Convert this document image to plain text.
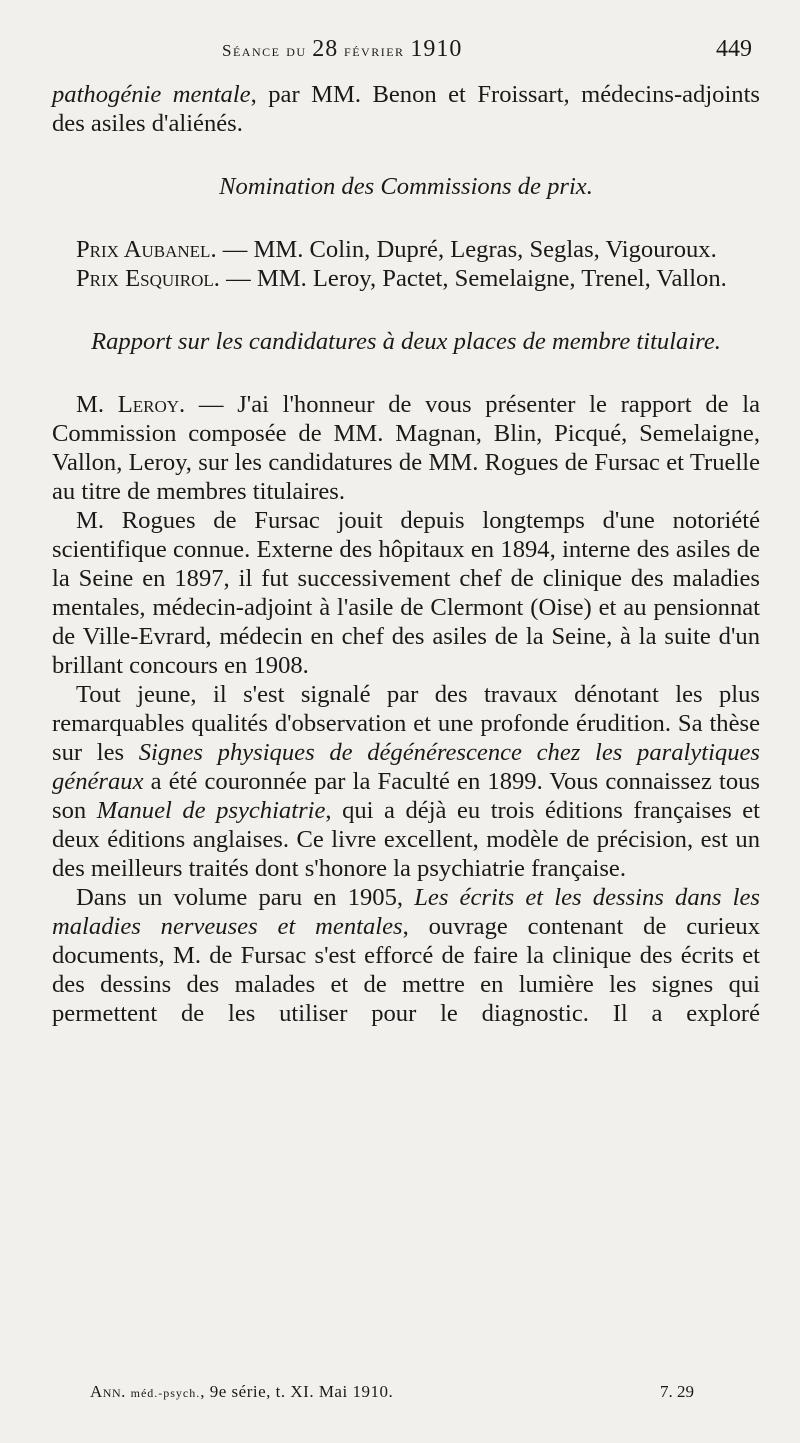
Séance du 28 février 1910	449

pathogénie mentale, par MM. Benon et Froissart, médecins-adjoints des asiles d'aliénés.

Nomination des Commissions de prix.

Prix Aubanel. — MM. Colin, Dupré, Legras, Seglas, Vigouroux.

Prix Esquirol. — MM. Leroy, Pactet, Semelaigne, Trenel, Vallon.

Rapport sur les candidatures à deux places de membre titulaire.

M. Leroy. — J'ai l'honneur de vous présenter le rapport de la Commission composée de MM. Magnan, Blin, Picqué, Semelaigne, Vallon, Leroy, sur les candidatures de MM. Rogues de Fursac et Truelle au titre de membres titulaires.

M. Rogues de Fursac jouit depuis longtemps d'une notoriété scientifique connue. Externe des hôpitaux en 1894, interne des asiles de la Seine en 1897, il fut successivement chef de clinique des maladies mentales, médecin-adjoint à l'asile de Clermont (Oise) et au pensionnat de Ville-Evrard, médecin en chef des asiles de la Seine, à la suite d'un brillant concours en 1908.

Tout jeune, il s'est signalé par des travaux dénotant les plus remarquables qualités d'observation et une profonde érudition. Sa thèse sur les Signes physiques de dégénérescence chez les paralytiques généraux a été couronnée par la Faculté en 1899. Vous connaissez tous son Manuel de psychiatrie, qui a déjà eu trois éditions françaises et deux éditions anglaises. Ce livre excellent, modèle de précision, est un des meilleurs traités dont s'honore la psychiatrie française.

Dans un volume paru en 1905, Les écrits et les dessins dans les maladies nerveuses et mentales, ouvrage contenant de curieux documents, M. de Fursac s'est efforcé de faire la clinique des écrits et des dessins des malades et de mettre en lumière les signes qui permettent de les utiliser pour le diagnostic. Il a exploré

Ann. méd.-psych., 9e série, t. XI. Mai 1910.	7. 29
